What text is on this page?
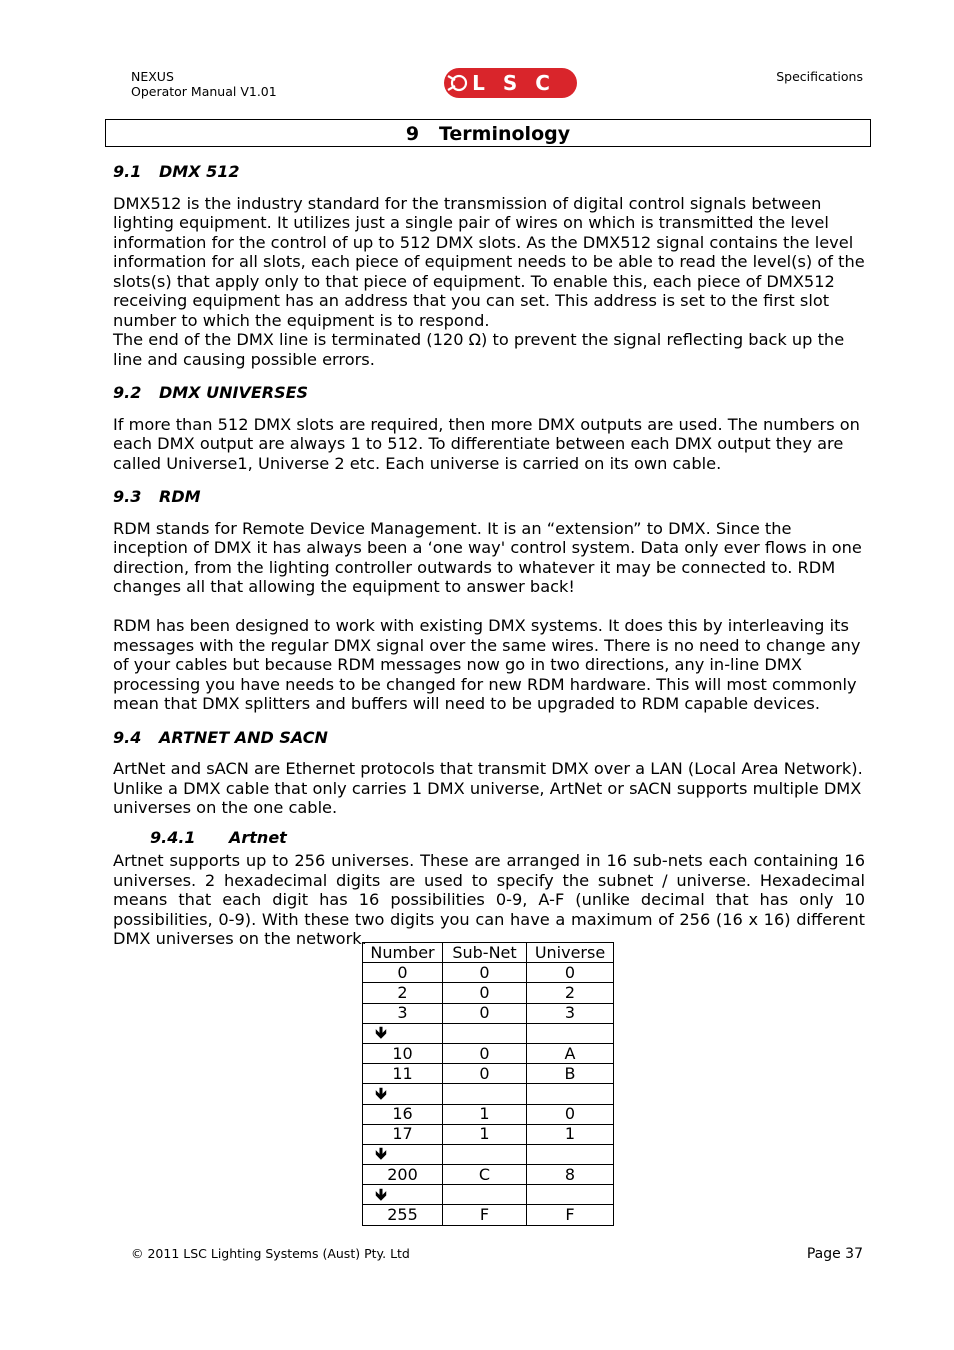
NEXUS
Operator Manual V1.01	LSC	Specifications
9 Terminology
9.1 DMX 512

DMX512 is the industry standard for the transmission of digital control signals between lighting equipment. It utilizes just a single pair of wires on which is transmitted the level information for the control of up to 512 DMX slots. As the DMX512 signal contains the level information for all slots, each piece of equipment needs to be able to read the level(s) of the slots(s) that apply only to that piece of equipment. To enable this, each piece of DMX512 receiving equipment has an address that you can set. This address is set to the first slot number to which the equipment is to respond.

The end of the DMX line is terminated (120 Ω) to prevent the signal reflecting back up the line and causing possible errors.

9.2 DMX UNIVERSES

If more than 512 DMX slots are required, then more DMX outputs are used. The numbers on each DMX output are always 1 to 512. To differentiate between each DMX output they are called Universe1, Universe 2 etc. Each universe is carried on its own cable.

9.3 RDM

RDM stands for Remote Device Management. It is an “extension” to DMX. Since the inception of DMX it has always been a ‘one way' control system. Data only ever flows in one direction, from the lighting controller outwards to whatever it may be connected to. RDM changes all that allowing the equipment to answer back!

RDM has been designed to work with existing DMX systems. It does this by interleaving its messages with the regular DMX signal over the same wires. There is no need to change any of your cables but because RDM messages now go in two directions, any in-line DMX processing you have needs to be changed for new RDM hardware. This will most commonly mean that DMX splitters and buffers will need to be upgraded to RDM capable devices.

9.4 ARTNET AND SACN

ArtNet and sACN are Ethernet protocols that transmit DMX over a LAN (Local Area Network). Unlike a DMX cable that only carries 1 DMX universe, ArtNet or sACN supports multiple DMX universes on the one cable.

9.4.1 Artnet

Artnet supports up to 256 universes. These are arranged in 16 sub-nets each containing 16 universes. 2 hexadecimal digits are used to specify the subnet / universe. Hexadecimal means that each digit has 16 possibilities 0-9, A-F (unlike decimal that has only 10 possibilities, 0-9). With these two digits you can have a maximum of 256 (16 x 16) different DMX universes on the network.

Number	Sub-Net	Universe
0	0	0
2	0	2
3	0	3
🡻		
10	0	A
11	0	B
🡻		
16	1	0
17	1	1
🡻		
200	C	8
🡻		
255	F	F
© 2011 LSC Lighting Systems (Aust) Pty. Ltd	Page 37
